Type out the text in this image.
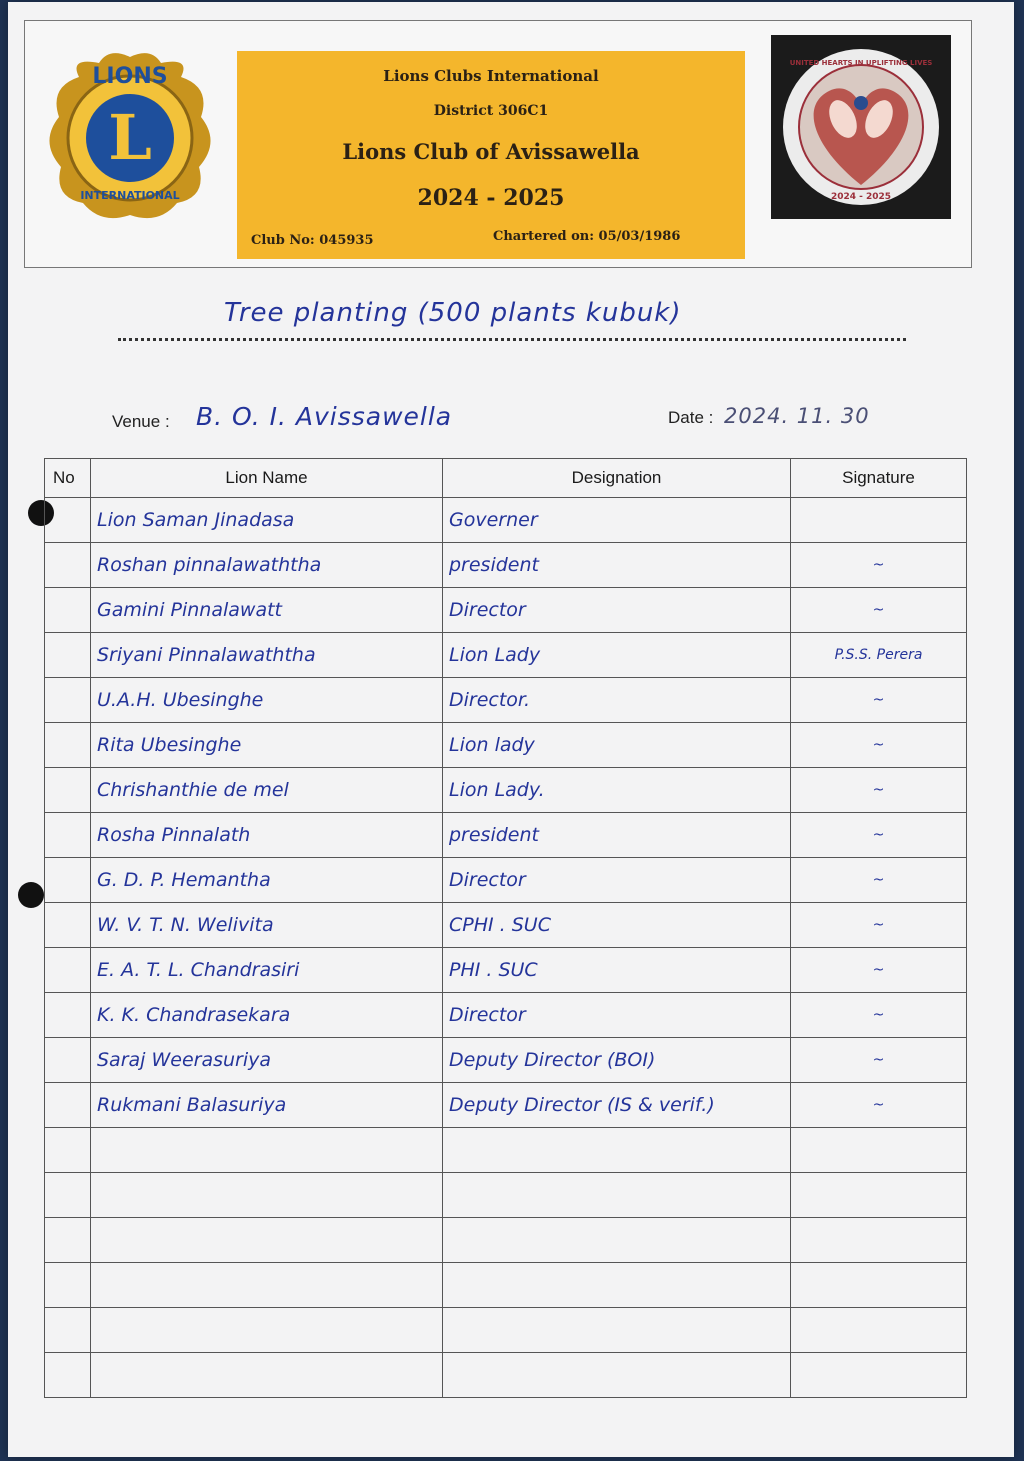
LIONS
L
INTERNATIONAL
Lions Clubs International
District 306C1
Lions Club of Avissawella
2024 - 2025
Club No: 045935	Chartered on: 05/03/1986
UNITED HEARTS IN UPLIFTING LIVES
2024 - 2025
Tree planting (500 plants kubuk)
Venue : B. O. I. Avissawella	Date : 2024. 11. 30
No	Lion Name	Designation	Signature
	Lion Saman Jinadasa	Governer	
	Roshan pinnalawaththa	president	~
	Gamini Pinnalawatt	Director	~
	Sriyani Pinnalawaththa	Lion Lady	P.S.S. Perera
	U.A.H. Ubesinghe	Director.	~
	Rita Ubesinghe	Lion lady	~
	Chrishanthie de mel	Lion Lady.	~
	Rosha Pinnalath	president	~
	G. D. P. Hemantha	Director	~
	W. V. T. N. Welivita	CPHI . SUC	~
	E. A. T. L. Chandrasiri	PHI . SUC	~
	K. K. Chandrasekara	Director	~
	Saraj Weerasuriya	Deputy Director (BOI)	~
	Rukmani Balasuriya	Deputy Director (IS & verif.)	~
